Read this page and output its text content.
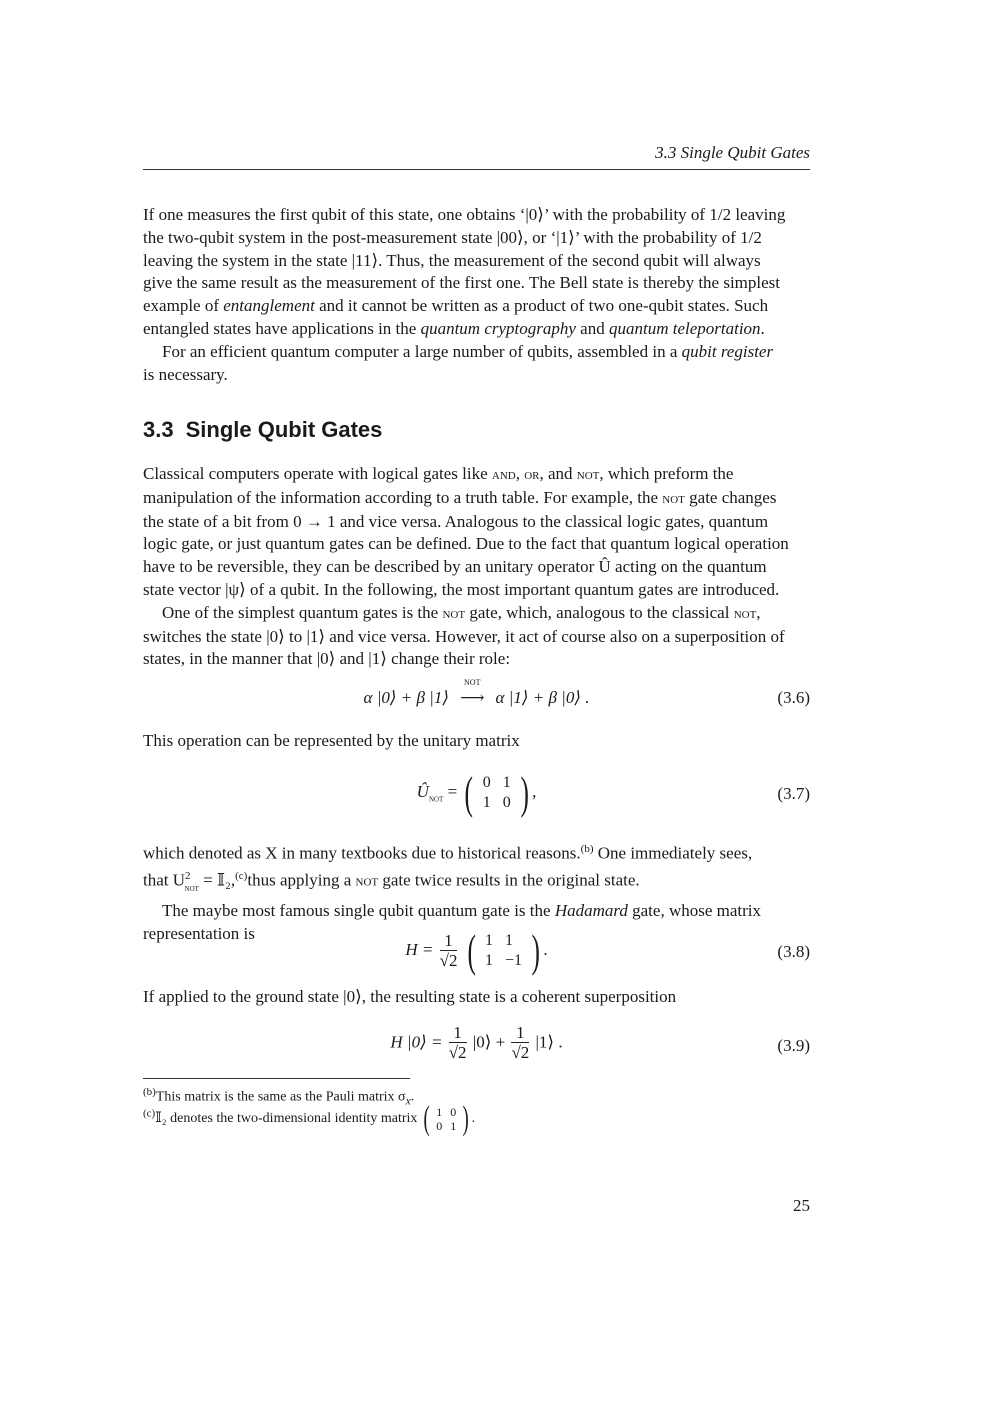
3.3 Single Qubit Gates

If one measures the first qubit of this state, one obtains ‘|0⟩’ with the probability of 1/2 leaving
the two-qubit system in the post-measurement state |00⟩, or ‘|1⟩’ with the probability of 1/2
leaving the system in the state |11⟩. Thus, the measurement of the second qubit will always
give the same result as the measurement of the first one. The Bell state is thereby the simplest
example of entanglement and it cannot be written as a product of two one-qubit states. Such
entangled states have applications in the quantum cryptography and quantum teleportation.

For an efficient quantum computer a large number of qubits, assembled in a qubit register

is necessary.

3.3 Single Qubit Gates

Classical computers operate with logical gates like and, or, and not, which preform the
manipulation of the information according to a truth table. For example, the not gate changes
the state of a bit from 0 → 1 and vice versa. Analogous to the classical logic gates, quantum
logic gate, or just quantum gates can be defined. Due to the fact that quantum logical operation
have to be reversible, they can be described by an unitary operator Û acting on the quantum
state vector |ψ⟩ of a qubit. In the following, the most important quantum gates are introduced.

One of the simplest quantum gates is the not gate, which, analogous to the classical not,

switches the state |0⟩ to |1⟩ and vice versa. However, it act of course also on a superposition of
states, in the manner that |0⟩ and |1⟩ change their role:

α |0⟩ + β |1⟩
not
⟶ α |1⟩ + β |0⟩ .	(3.6)

This operation can be represented by the unitary matrix

$Û_{not}$ = ( 0	1
1	0 ) ,	(3.7)

which denoted as X in many textbooks due to historical reasons.$^{(b)}$ One immediately sees,
that $U^2_{not}$ = 𝕀₂,$^{(c)}$thus applying a not gate twice results in the original state.

The maybe most famous single qubit quantum gate is the Hadamard gate, whose matrix

representation is

$H = \frac{1}{√2}$ ( 1	1
1	−1 ) .	(3.8)

If applied to the ground state |0⟩, the resulting state is a coherent superposition

H |0⟩ = $\frac{1}{√2}$ |0⟩ + $\frac{1}{√2}$ |1⟩ .	(3.9)
$^{(b)}$This matrix is the same as the Pauli matrix $\sigma_x$.
$^{(c)}$𝕀₂ denotes the two-dimensional identity matrix ( 1	0
0	1 ) .
25
